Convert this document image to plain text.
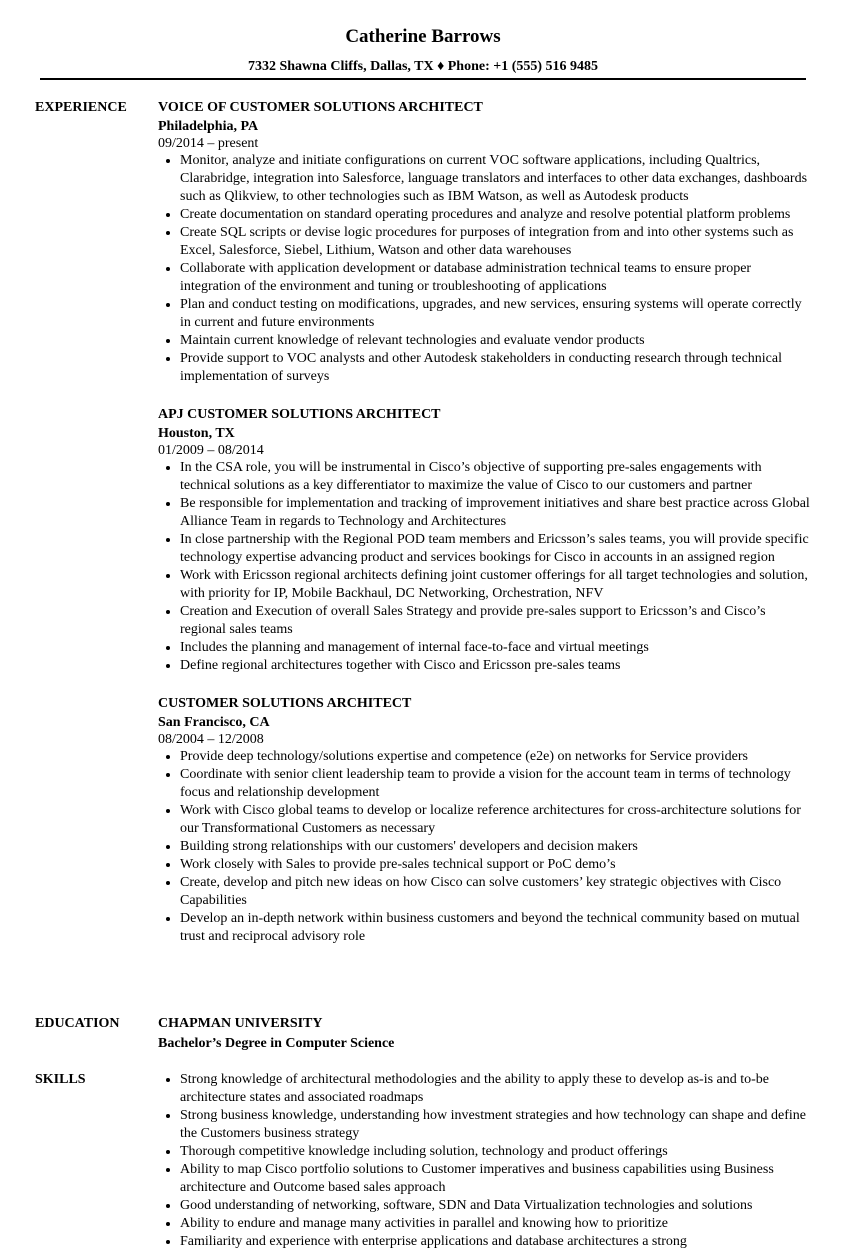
Catherine Barrows
7332 Shawna Cliffs, Dallas, TX ♦ Phone: +1 (555) 516 9485
EXPERIENCE VOICE OF CUSTOMER SOLUTIONS ARCHITECT
Philadelphia, PA
09/2014 – present
• Monitor, analyze and initiate configurations on current VOC software applications, including Qualtrics, Clarabridge, integration into Salesforce, language translators and interfaces to other data exchanges, dashboards such as Qlikview, to other technologies such as IBM Watson, as well as Autodesk products
• Create documentation on standard operating procedures and analyze and resolve potential platform problems
• Create SQL scripts or devise logic procedures for purposes of integration from and into other systems such as Excel, Salesforce, Siebel, Lithium, Watson and other data warehouses
• Collaborate with application development or database administration technical teams to ensure proper integration of the environment and tuning or troubleshooting of applications
• Plan and conduct testing on modifications, upgrades, and new services, ensuring systems will operate correctly in current and future environments
• Maintain current knowledge of relevant technologies and evaluate vendor products
• Provide support to VOC analysts and other Autodesk stakeholders in conducting research through technical implementation of surveys
APJ CUSTOMER SOLUTIONS ARCHITECT
Houston, TX
01/2009 – 08/2014
• In the CSA role, you will be instrumental in Cisco’s objective of supporting pre-sales engagements with technical solutions as a key differentiator to maximize the value of Cisco to our customers and partner
• Be responsible for implementation and tracking of improvement initiatives and share best practice across Global Alliance Team in regards to Technology and Architectures
• In close partnership with the Regional POD team members and Ericsson’s sales teams, you will provide specific technology expertise advancing product and services bookings for Cisco in accounts in an assigned region
• Work with Ericsson regional architects defining joint customer offerings for all target technologies and solution, with priority for IP, Mobile Backhaul, DC Networking, Orchestration, NFV
• Creation and Execution of overall Sales Strategy and provide pre-sales support to Ericsson’s and Cisco’s regional sales teams
• Includes the planning and management of internal face-to-face and virtual meetings
• Define regional architectures together with Cisco and Ericsson pre-sales teams
CUSTOMER SOLUTIONS ARCHITECT
San Francisco, CA
08/2004 – 12/2008
• Provide deep technology/solutions expertise and competence (e2e) on networks for Service providers
• Coordinate with senior client leadership team to provide a vision for the account team in terms of technology focus and relationship development
• Work with Cisco global teams to develop or localize reference architectures for cross-architecture solutions for our Transformational Customers as necessary
• Building strong relationships with our customers' developers and decision makers
• Work closely with Sales to provide pre-sales technical support or PoC demo’s
• Create, develop and pitch new ideas on how Cisco can solve customers’ key strategic objectives with Cisco Capabilities
• Develop an in-depth network within business customers and beyond the technical community based on mutual trust and reciprocal advisory role
EDUCATION	CHAPMAN UNIVERSITY
Bachelor’s Degree in Computer Science
SKILLS
•	Strong knowledge of architectural methodologies and the ability to apply these to develop as-is and to-be architecture states and associated roadmaps
• Strong business knowledge, understanding how investment strategies and how technology can shape and define the Customers business strategy
• Thorough competitive knowledge including solution, technology and product offerings
• Ability to map Cisco portfolio solutions to Customer imperatives and business capabilities using Business architecture and Outcome based sales approach
• Good understanding of networking, software, SDN and Data Virtualization technologies and solutions
• Ability to endure and manage many activities in parallel and knowing how to prioritize
• Familiarity and experience with enterprise applications and database architectures a strong
